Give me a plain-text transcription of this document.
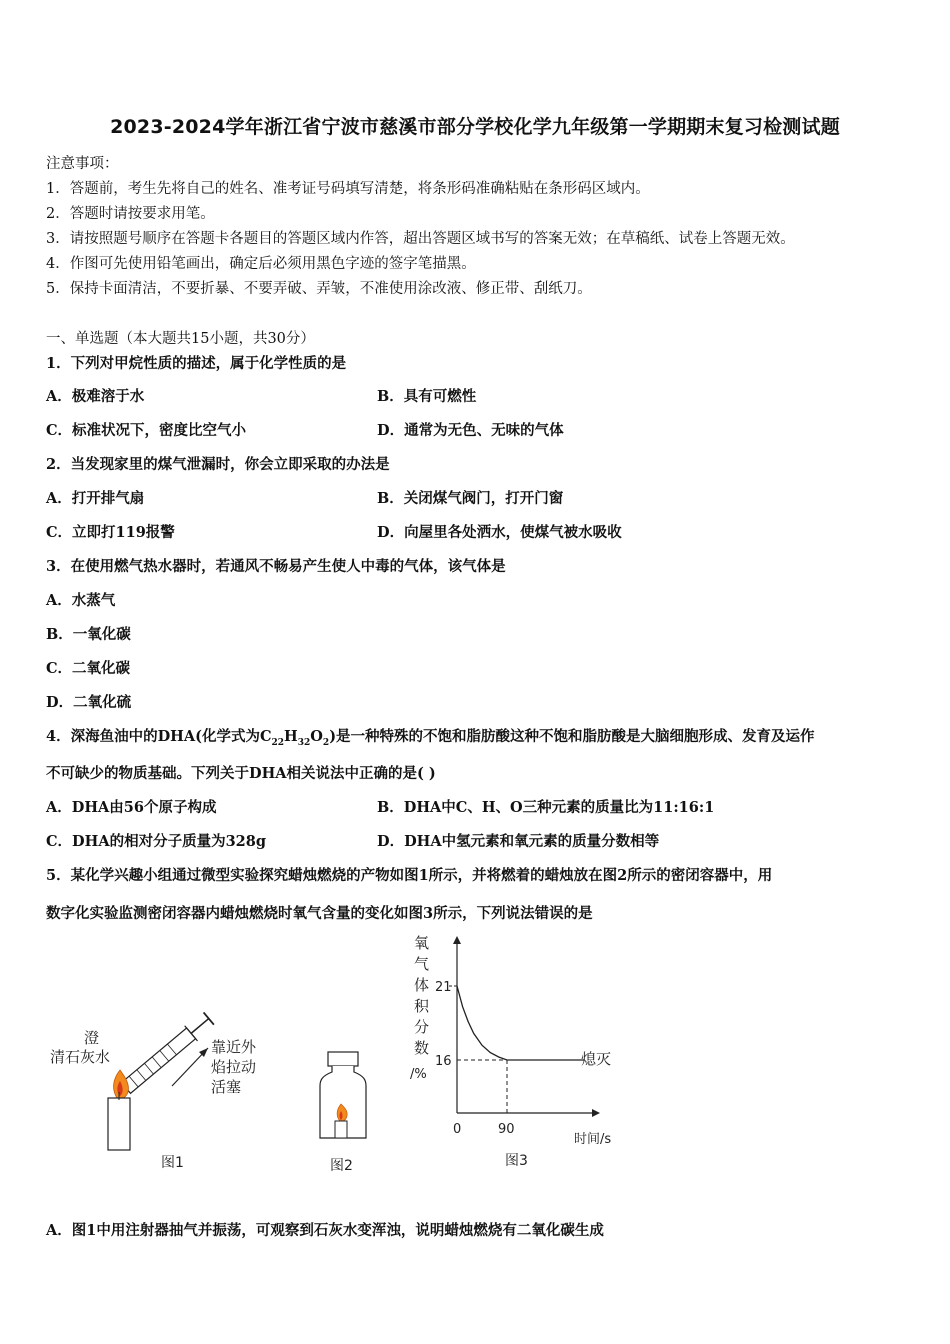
2023-2024学年浙江省宁波市慈溪市部分学校化学九年级第一学期期末复习检测试题
注意事项：
1．答题前，考生先将自己的姓名、准考证号码填写清楚，将条形码准确粘贴在条形码区域内。
2．答题时请按要求用笔。
3．请按照题号顺序在答题卡各题目的答题区域内作答，超出答题区域书写的答案无效；在草稿纸、试卷上答题无效。
4．作图可先使用铅笔画出，确定后必须用黑色字迹的签字笔描黑。
5．保持卡面清洁，不要折暴、不要弄破、弄皱，不准使用涂改液、修正带、刮纸刀。
一、单选题（本大题共15小题，共30分）
1．下列对甲烷性质的描述，属于化学性质的是
A．极难溶于水	B．具有可燃性
C．标准状况下，密度比空气小	D．通常为无色、无味的气体
2．当发现家里的煤气泄漏时，你会立即采取的办法是
A．打开排气扇	B．关闭煤气阀门，打开门窗
C．立即打119报警	D．向屋里各处洒水，使煤气被水吸收
3．在使用燃气热水器时，若通风不畅易产生使人中毒的气体，该气体是
A．水蒸气
B．一氧化碳
C．二氧化碳
D．二氧化硫
4．深海鱼油中的DHA(化学式为$C_{22}H_{32}O_2$)是一种特殊的不饱和脂肪酸这种不饱和脂肪酸是大脑细胞形成、发育及运作
不可缺少的物质基础。下列关于DHA相关说法中正确的是( )
A．DHA由56个原子构成	B．DHA中C、H、O三种元素的质量比为11:16:1
C．DHA的相对分子质量为328g	D．DHA中氢元素和氧元素的质量分数相等
5．某化学兴趣小组通过微型实验探究蜡烛燃烧的产物如图1所示，并将燃着的蜡烛放在图2所示的密闭容器中，用
数字化实验监测密闭容器内蜡烛燃烧时氧气含量的变化如图3所示，下列说法错误的是
澄
清石灰水
靠近外
焰拉动
活塞
图1	图2
氧
气
体
积
分
数
/%
16
21
0	90
时间/s
熄灭
图3
A．图1中用注射器抽气并振荡，可观察到石灰水变浑浊，说明蜡烛燃烧有二氧化碳生成
